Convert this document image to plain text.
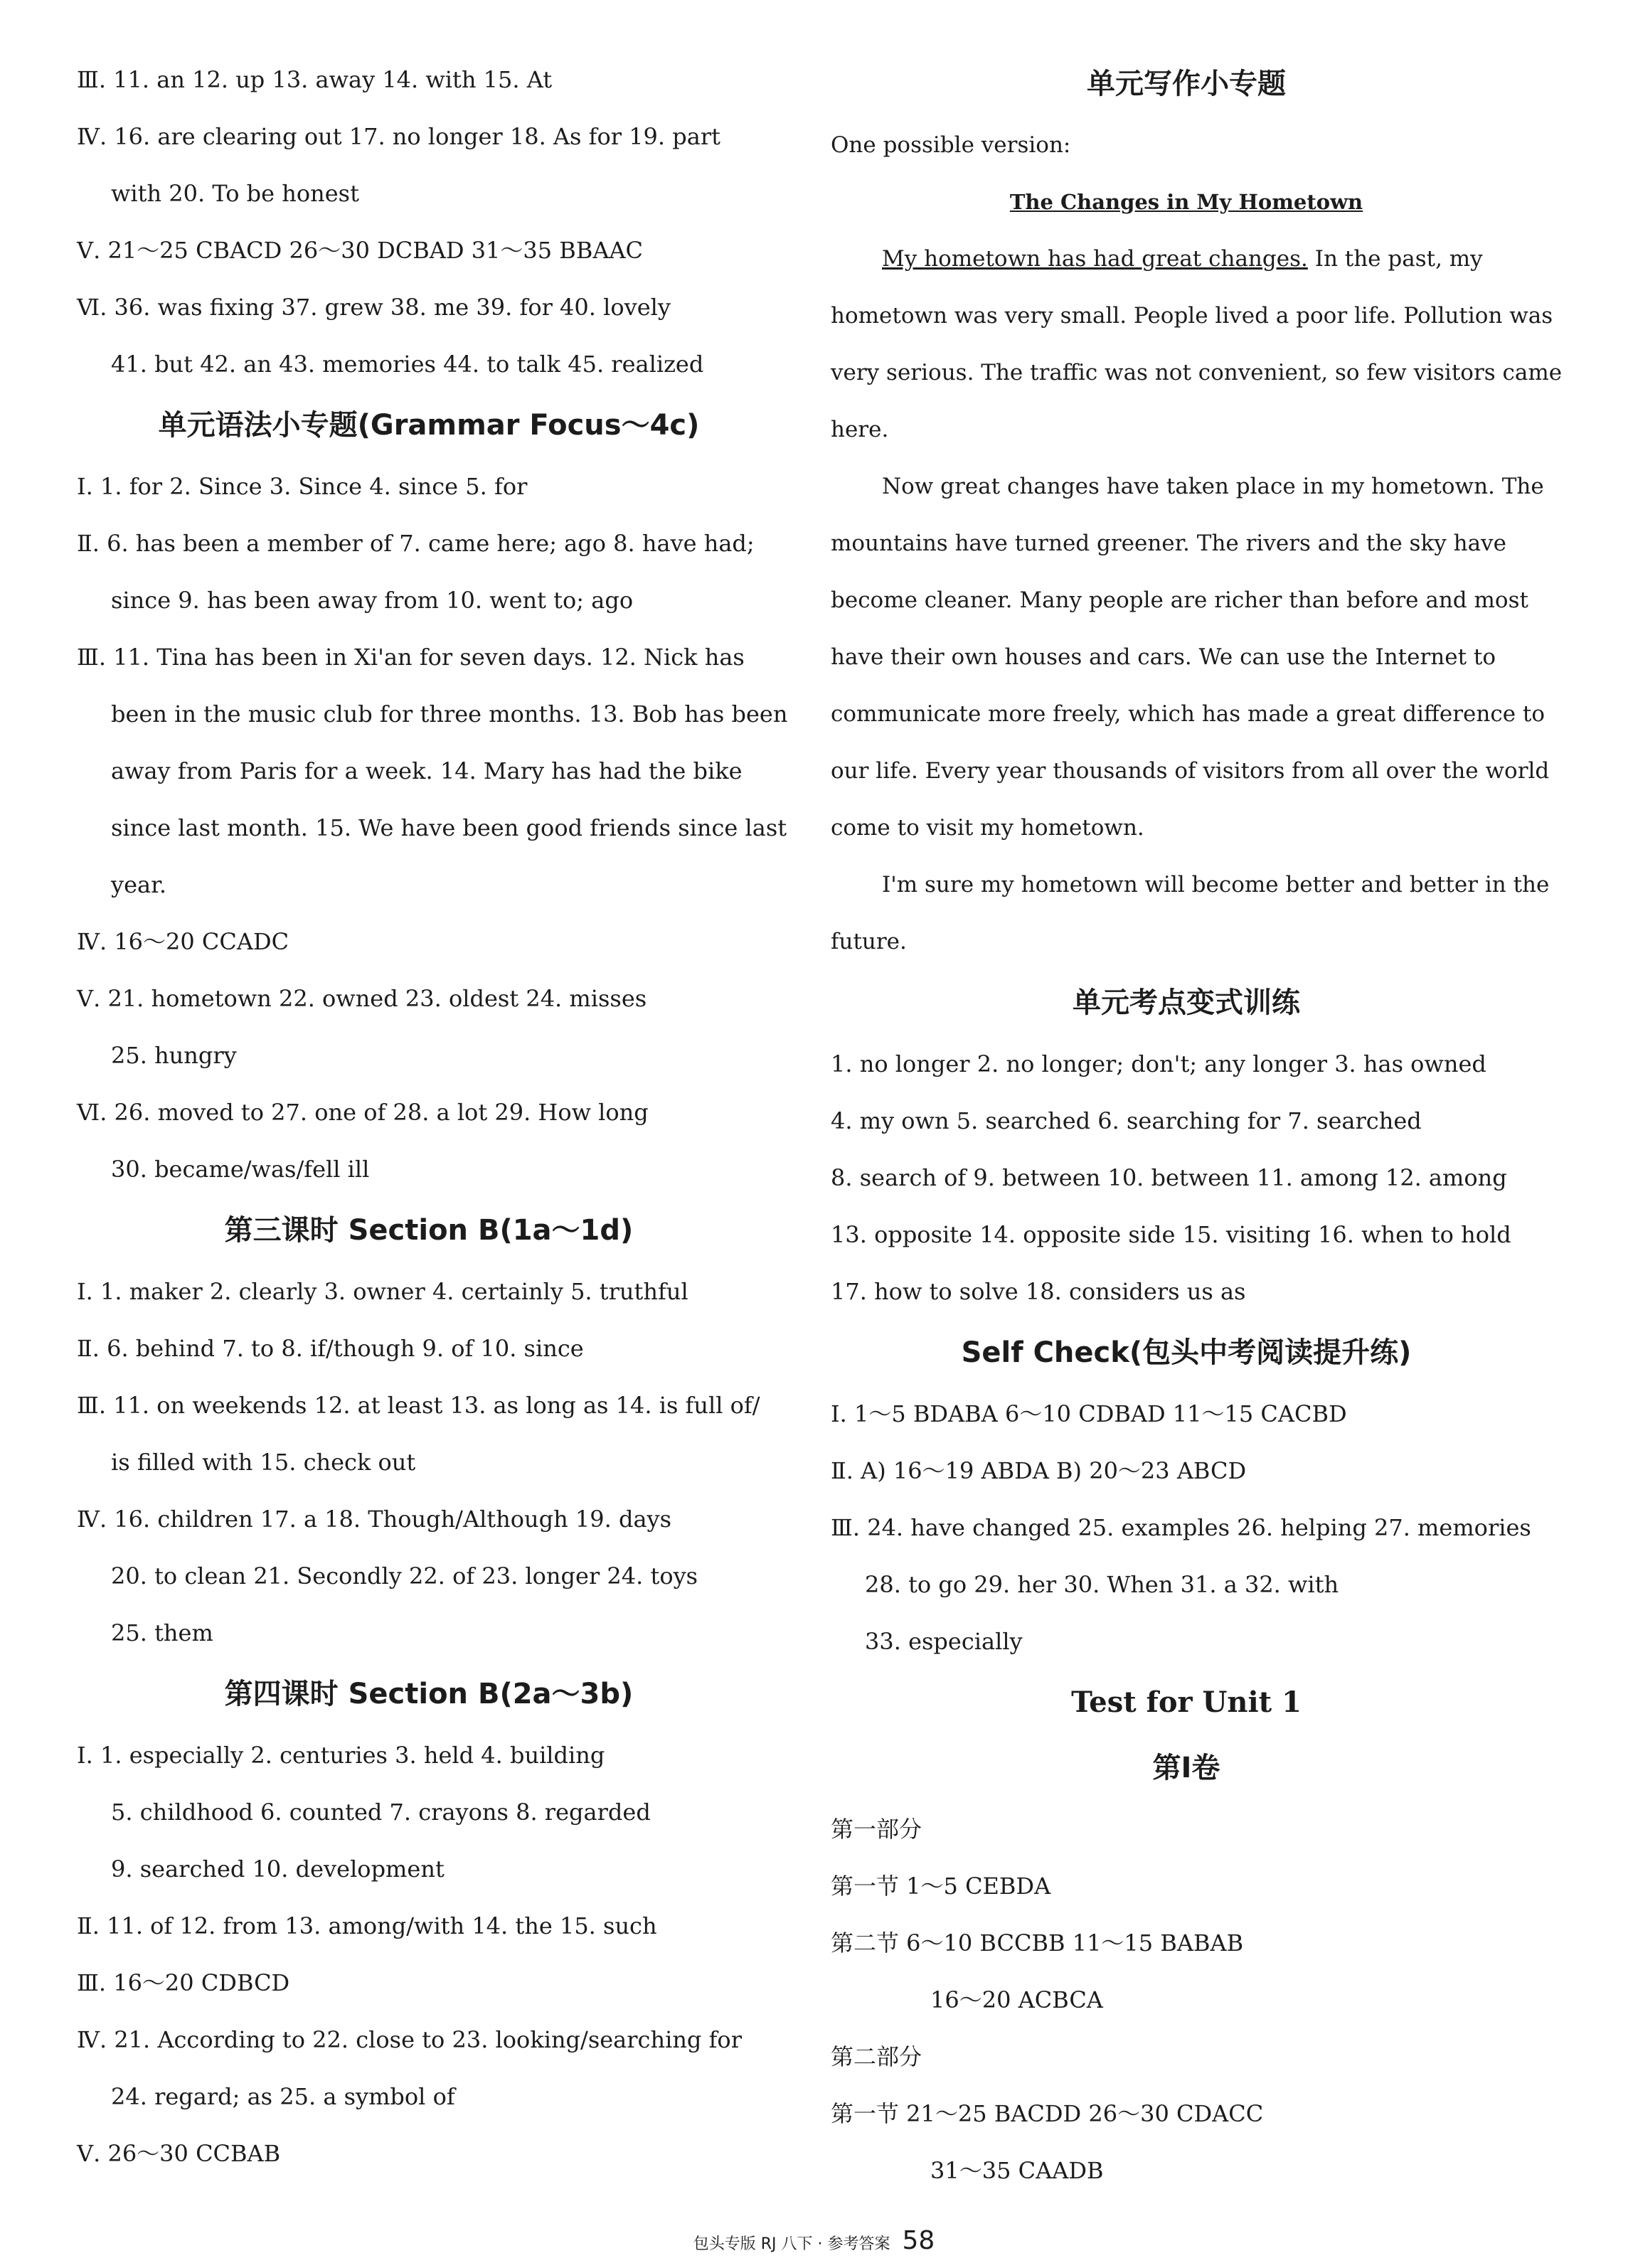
Ⅲ. 11. an 12. up 13. away 14. with 15. At
Ⅳ. 16. are clearing out 17. no longer 18. As for 19. part
with 20. To be honest
Ⅴ. 21～25 CBACD 26～30 DCBAD 31～35 BBAAC
Ⅵ. 36. was fixing 37. grew 38. me 39. for 40. lovely
41. but 42. an 43. memories 44. to talk 45. realized
单元语法小专题(Grammar Focus～4c)
Ⅰ. 1. for 2. Since 3. Since 4. since 5. for
Ⅱ. 6. has been a member of 7. came here; ago 8. have had;
since 9. has been away from 10. went to; ago
Ⅲ. 11. Tina has been in Xi'an for seven days. 12. Nick has
been in the music club for three months. 13. Bob has been
away from Paris for a week. 14. Mary has had the bike
since last month. 15. We have been good friends since last
year.
Ⅳ. 16～20 CCADC
Ⅴ. 21. hometown 22. owned 23. oldest 24. misses
25. hungry
Ⅵ. 26. moved to 27. one of 28. a lot 29. How long
30. became/was/fell ill
第三课时 Section B(1a～1d)
Ⅰ. 1. maker 2. clearly 3. owner 4. certainly 5. truthful
Ⅱ. 6. behind 7. to 8. if/though 9. of 10. since
Ⅲ. 11. on weekends 12. at least 13. as long as 14. is full of/
is filled with 15. check out
Ⅳ. 16. children 17. a 18. Though/Although 19. days
20. to clean 21. Secondly 22. of 23. longer 24. toys
25. them
第四课时 Section B(2a～3b)
Ⅰ. 1. especially 2. centuries 3. held 4. building
5. childhood 6. counted 7. crayons 8. regarded
9. searched 10. development
Ⅱ. 11. of 12. from 13. among/with 14. the 15. such
Ⅲ. 16～20 CDBCD
Ⅳ. 21. According to 22. close to 23. looking/searching for
24. regard; as 25. a symbol of
Ⅴ. 26～30 CCBAB
单元写作小专题
One possible version:
The Changes in My Hometown
My hometown has had great changes. In the past, my
hometown was very small. People lived a poor life. Pollution was
very serious. The traffic was not convenient, so few visitors came
here.
Now great changes have taken place in my hometown. The
mountains have turned greener. The rivers and the sky have
become cleaner. Many people are richer than before and most
have their own houses and cars. We can use the Internet to
communicate more freely, which has made a great difference to
our life. Every year thousands of visitors from all over the world
come to visit my hometown.
I'm sure my hometown will become better and better in the
future.
单元考点变式训练
1. no longer 2. no longer; don't; any longer 3. has owned
4. my own 5. searched 6. searching for 7. searched
8. search of 9. between 10. between 11. among 12. among
13. opposite 14. opposite side 15. visiting 16. when to hold
17. how to solve 18. considers us as
Self Check(包头中考阅读提升练)
Ⅰ. 1～5 BDABA 6～10 CDBAD 11～15 CACBD
Ⅱ. A) 16～19 ABDA B) 20～23 ABCD
Ⅲ. 24. have changed 25. examples 26. helping 27. memories
28. to go 29. her 30. When 31. a 32. with
33. especially
Test for Unit 1
第Ⅰ卷
第一部分
第一节 1～5 CEBDA
第二节 6～10 BCCBB 11～15 BABAB
16～20 ACBCA
第二部分
第一节 21～25 BACDD 26～30 CDACC
31～35 CAADB
包头专版 RJ 八下 · 参考答案 58
